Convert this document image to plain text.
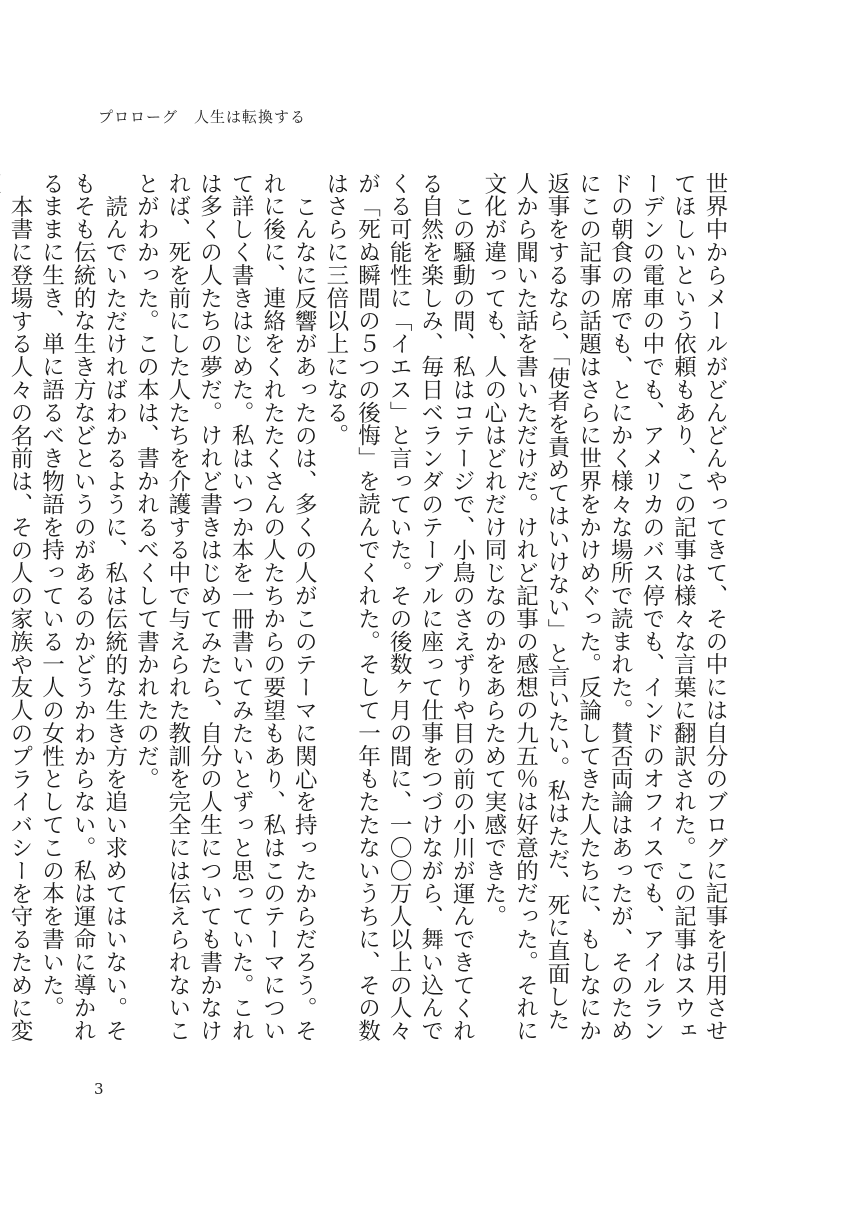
プロローグ　人生は転換する

世界中からメールがどんどんやってきて、その中には自分のブログに記事を引用させてほしいという依頼もあり、この記事は様々な言葉に翻訳された。この記事はスウェーデンの電車の中でも、アメリカのバス停でも、インドのオフィスでも、アイルランドの朝食の席でも、とにかく様々な場所で読まれた。賛否両論はあったが、そのためにこの記事の話題はさらに世界をかけめぐった。反論してきた人たちに、もしなにか返事をするなら、「使者を責めてはいけない」と言いたい。私はただ、死に直面した人から聞いた話を書いただけだ。けれど記事の感想の九五％は好意的だった。それに文化が違っても、人の心はどれだけ同じなのかをあらためて実感できた。

この騒動の間、私はコテージで、小鳥のさえずりや目の前の小川が運んできてくれる自然を楽しみ、毎日ベランダのテーブルに座って仕事をつづけながら、舞い込んでくる可能性に「イエス」と言っていた。その後数ヶ月の間に、一〇〇万人以上の人々が「死ぬ瞬間の５つの後悔」を読んでくれた。そして一年もたたないうちに、その数はさらに三倍以上になる。

こんなに反響があったのは、多くの人がこのテーマに関心を持ったからだろう。それに後に、連絡をくれたたくさんの人たちからの要望もあり、私はこのテーマについて詳しく書きはじめた。私はいつか本を一冊書いてみたいとずっと思っていた。これは多くの人たちの夢だ。けれど書きはじめてみたら、自分の人生についても書かなければ、死を前にした人たちを介護する中で与えられた教訓を完全には伝えられないことがわかった。この本は、書かれるべくして書かれたのだ。

読んでいただければわかるように、私は伝統的な生き方を追い求めてはいない。そもそも伝統的な生き方などというのがあるのかどうかわからない。私は運命に導かれるままに生き、単に語るべき物語を持っている一人の女性としてこの本を書いた。

本書に登場する人々の名前は、その人の家族や友人のプライバシーを守るために変

3
